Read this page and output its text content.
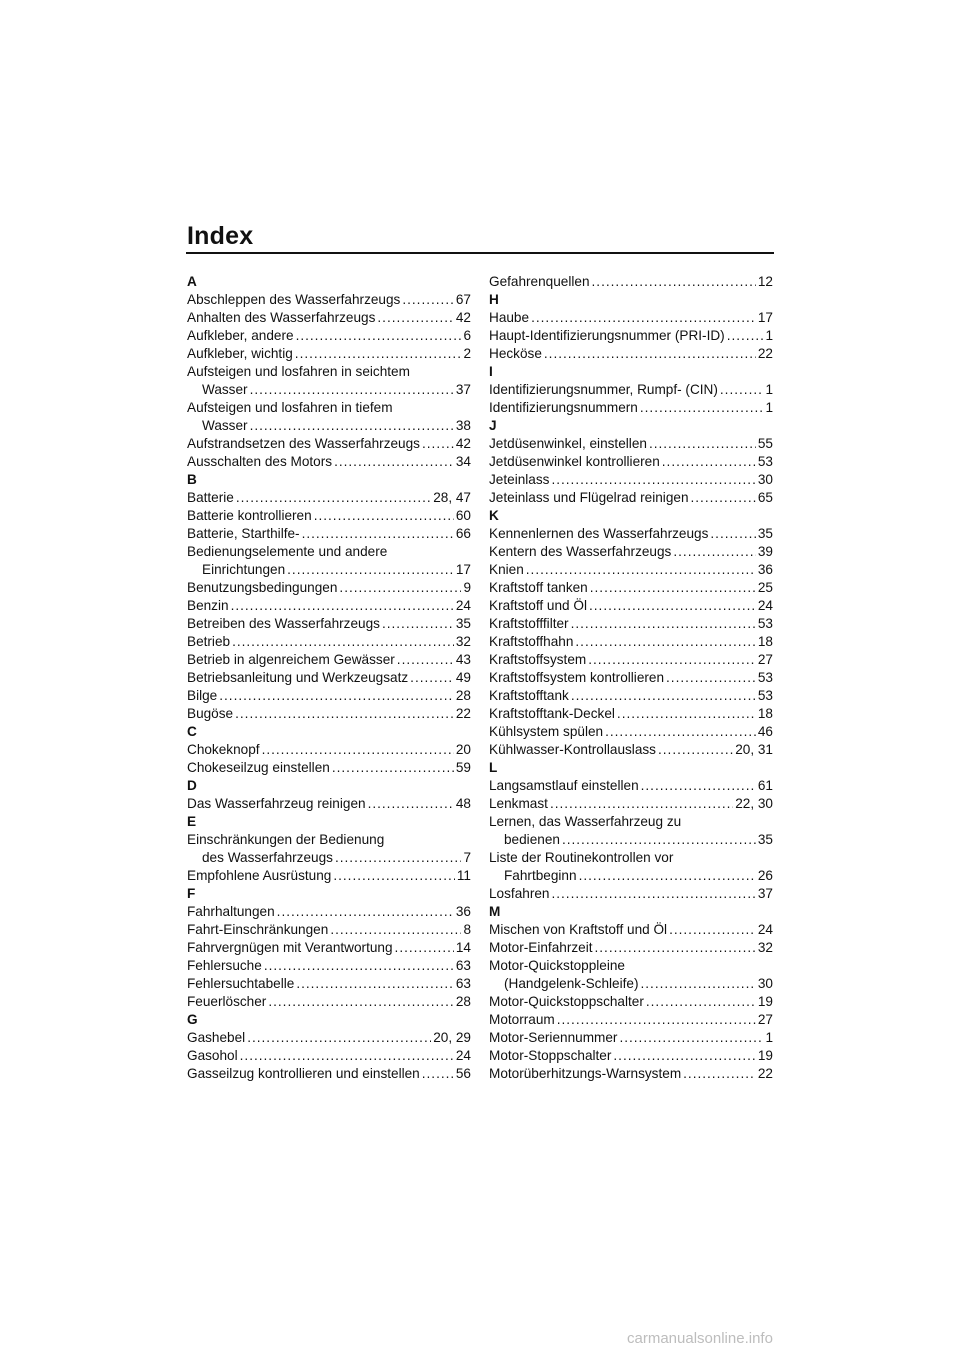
Index
A
Abschleppen des Wasserfahrzeugs .....	67
Anhalten des Wasserfahrzeugs .....	42
Aufkleber, andere .....	6
Aufkleber, wichtig .....	2
Aufsteigen und losfahren in seichtem
Wasser .....	37
Aufsteigen und losfahren in tiefem
Wasser .....	38
Aufstrandsetzen des Wasserfahrzeugs .....	42
Ausschalten des Motors .....	34
B
Batterie .....	28, 47
Batterie kontrollieren .....	60
Batterie, Starthilfe- .....	66
Bedienungselemente und andere
Einrichtungen .....	17
Benutzungsbedingungen .....	9
Benzin .....	24
Betreiben des Wasserfahrzeugs .....	35
Betrieb .....	32
Betrieb in algenreichem Gewässer .....	43
Betriebsanleitung und Werkzeugsatz .....	49
Bilge .....	28
Bugöse .....	22
C
Chokeknopf .....	20
Chokeseilzug einstellen .....	59
D
Das Wasserfahrzeug reinigen .....	48
E
Einschränkungen der Bedienung
des Wasserfahrzeugs .....	7
Empfohlene Ausrüstung .....	11
F
Fahrhaltungen .....	36
Fahrt-Einschränkungen .....	8
Fahrvergnügen mit Verantwortung .....	14
Fehlersuche .....	63
Fehlersuchtabelle .....	63
Feuerlöscher .....	28
G
Gashebel .....	20, 29
Gasohol .....	24
Gasseilzug kontrollieren und einstellen .....	56
Gefahrenquellen .....	12
H
Haube .....	17
Haupt-Identifizierungsnummer (PRI-ID) .....	1
Hecköse .....	22
I
Identifizierungsnummer, Rumpf- (CIN) .....	1
Identifizierungsnummern .....	1
J
Jetdüsenwinkel, einstellen .....	55
Jetdüsenwinkel kontrollieren .....	53
Jeteinlass .....	30
Jeteinlass und Flügelrad reinigen .....	65
K
Kennenlernen des Wasserfahrzeugs .....	35
Kentern des Wasserfahrzeugs .....	39
Knien .....	36
Kraftstoff tanken .....	25
Kraftstoff und Öl .....	24
Kraftstofffilter .....	53
Kraftstoffhahn .....	18
Kraftstoffsystem .....	27
Kraftstoffsystem kontrollieren .....	53
Kraftstofftank .....	53
Kraftstofftank-Deckel .....	18
Kühlsystem spülen .....	46
Kühlwasser-Kontrollauslass .....	20, 31
L
Langsamstlauf einstellen .....	61
Lenkmast .....	22, 30
Lernen, das Wasserfahrzeug zu
bedienen .....	35
Liste der Routinekontrollen vor
Fahrtbeginn .....	26
Losfahren .....	37
M
Mischen von Kraftstoff und Öl .....	24
Motor-Einfahrzeit .....	32
Motor-Quickstoppleine
(Handgelenk-Schleife) .....	30
Motor-Quickstoppschalter .....	19
Motorraum .....	27
Motor-Seriennummer .....	1
Motor-Stoppschalter .....	19
Motorüberhitzungs-Warnsystem .....	22
carmanualsonline.info
